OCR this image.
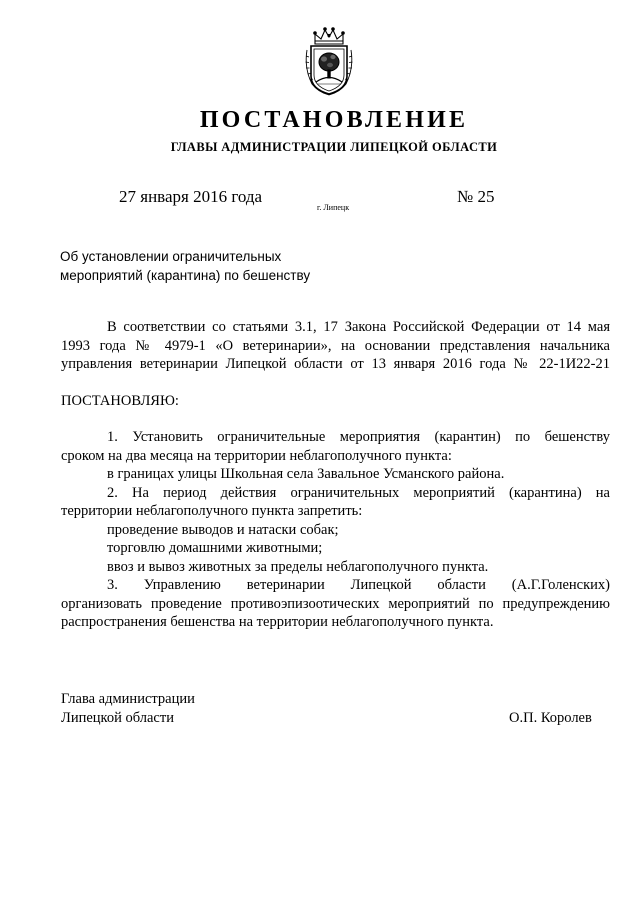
ПОСТАНОВЛЕНИЕ
ГЛАВЫ АДМИНИСТРАЦИИ ЛИПЕЦКОЙ ОБЛАСТИ
27 января 2016 года
г. Липецк
№ 25
Об установлении ограничительных
мероприятий (карантина) по бешенству
В соответствии со статьями 3.1, 17 Закона Российской Федерации от 14 мая
1993 года № 4979-1 «О ветеринарии», на основании представления начальника
управления ветеринарии Липецкой области от 13 января 2016 года № 22-1И22-21
ПОСТАНОВЛЯЮ:
1. Установить ограничительные мероприятия (карантин) по бешенству
сроком на два месяца на территории неблагополучного пункта:
в границах улицы Школьная села Завальное Усманского района.
2. На период действия ограничительных мероприятий (карантина) на
территории неблагополучного пункта запретить:
проведение выводов и натаски собак;
торговлю домашними животными;
ввоз и вывоз животных за пределы неблагополучного пункта.
3. Управлению ветеринарии Липецкой области (А.Г.Голенских)
организовать проведение противоэпизоотических мероприятий по предупреждению
распространения бешенства на территории неблагополучного пункта.
Глава администрации
Липецкой области	О.П. Королев
